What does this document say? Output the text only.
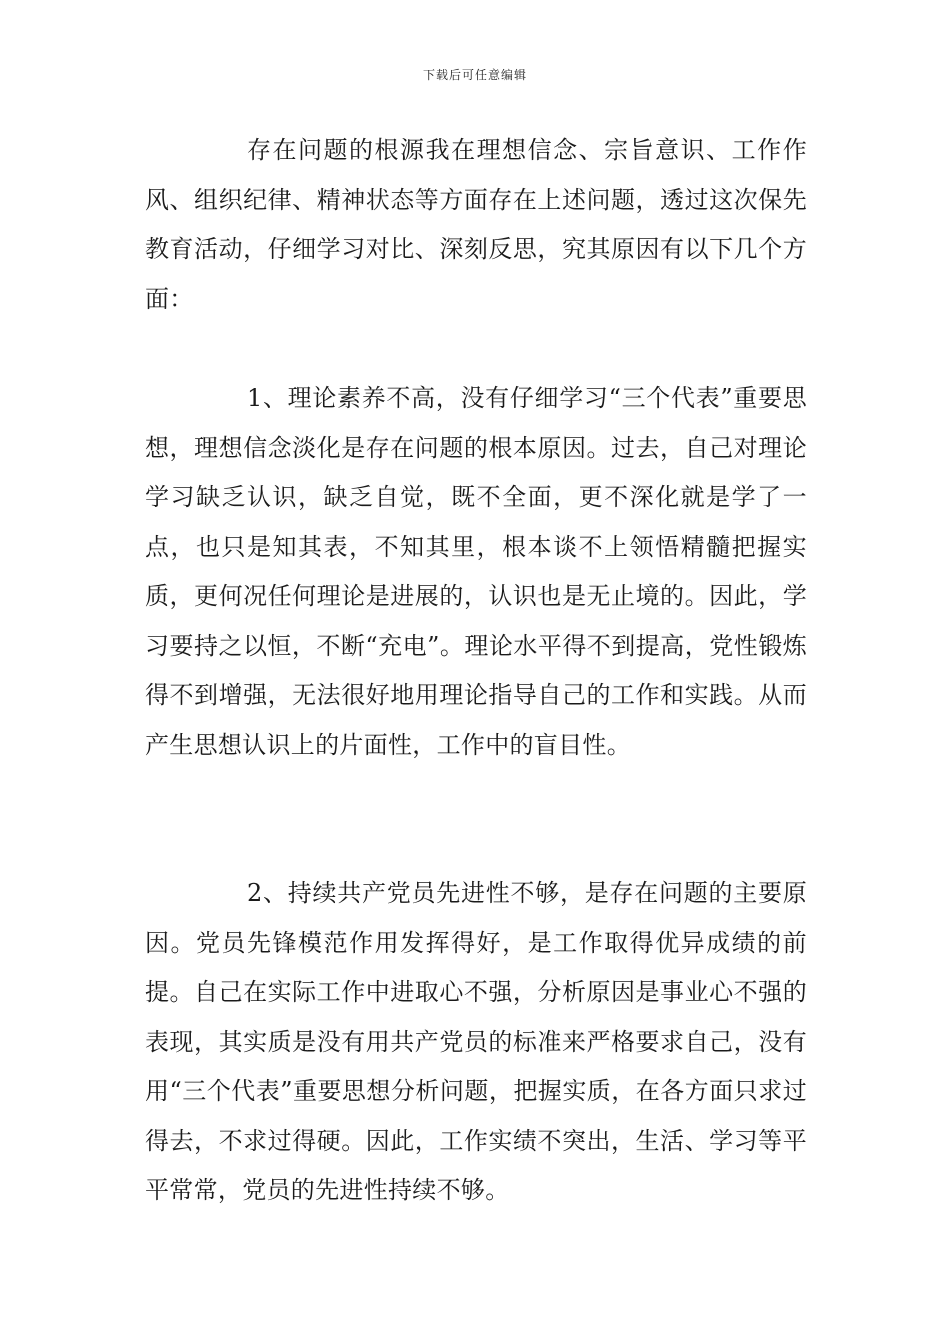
下载后可任意编辑

存在问题的根源我在理想信念、宗旨意识、工作作风、组织纪律、精神状态等方面存在上述问题，透过这次保先教育活动，仔细学习对比、深刻反思，究其原因有以下几个方面：

1、理论素养不高，没有仔细学习“三个代表”重要思想，理想信念淡化是存在问题的根本原因。过去，自己对理论学习缺乏认识，缺乏自觉，既不全面，更不深化就是学了一点，也只是知其表，不知其里，根本谈不上领悟精髓把握实质，更何况任何理论是进展的，认识也是无止境的。因此，学习要持之以恒，不断“充电”。理论水平得不到提高，党性锻炼得不到增强，无法很好地用理论指导自己的工作和实践。从而产生思想认识上的片面性，工作中的盲目性。

2、持续共产党员先进性不够，是存在问题的主要原因。党员先锋模范作用发挥得好，是工作取得优异成绩的前提。自己在实际工作中进取心不强，分析原因是事业心不强的表现，其实质是没有用共产党员的标准来严格要求自己，没有用“三个代表”重要思想分析问题，把握实质，在各方面只求过得去，不求过得硬。因此，工作实绩不突出，生活、学习等平平常常，党员的先进性持续不够。
